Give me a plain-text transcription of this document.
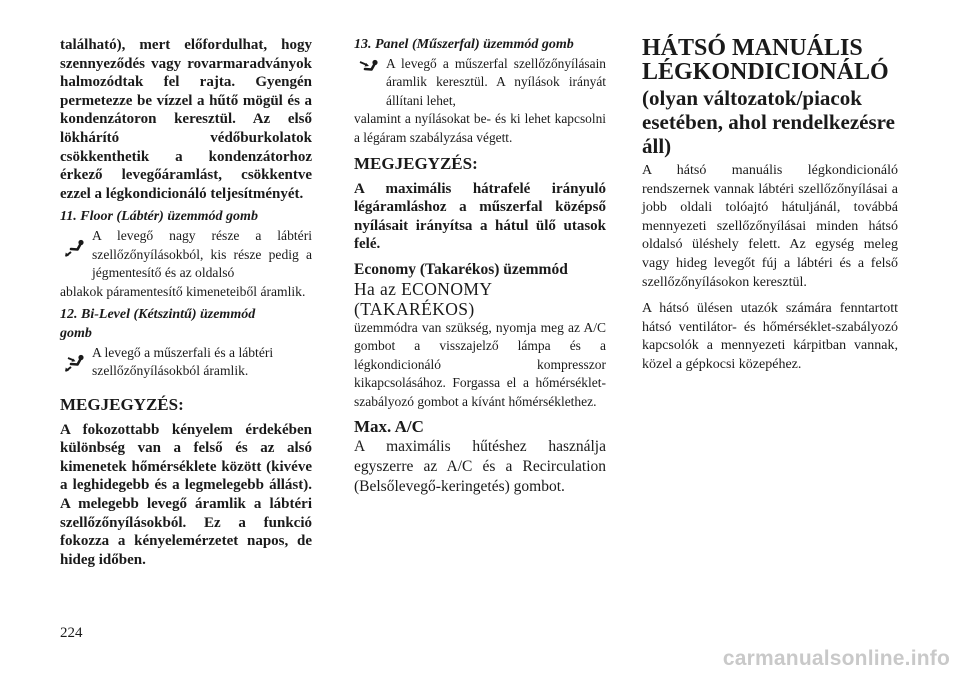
található), mert előfordulhat, hogy szennyeződés vagy rovarmaradványok halmozódtak fel rajta. Gyengén permetezze be vízzel a hűtő mögül és a kondenzátoron keresztül. Az első lökhárító védőburkolatok csökkenthetik a kondenzátorhoz érkező levegőáramlást, csökkentve ezzel a légkondicionáló teljesítményét.

11. Floor (Lábtér) üzemmód gomb

A levegő nagy része a lábtéri szellőzőnyílásokból, kis része pedig a jégmentesítő és az oldalsó

ablakok páramentesítő kimeneteiből áramlik.

12. Bi-Level (Kétszintű) üzemmód gomb

A levegő a műszerfali és a lábtéri szellőzőnyílásokból áramlik.

MEGJEGYZÉS:

A fokozottabb kényelem érdekében különbség van a felső és az alsó kimenetek hőmérséklete között (kivéve a leghidegebb és a legmelegebb állást). A melegebb levegő áramlik a lábtéri szellőzőnyílásokból. Ez a funkció fokozza a kényelemérzetet napos, de hideg időben.

13. Panel (Műszerfal) üzemmód gomb

A levegő a műszerfal szellőzőnyílásain áramlik keresztül. A nyílások irányát állítani lehet,

valamint a nyílásokat be- és ki lehet kapcsolni a légáram szabályzása végett.

MEGJEGYZÉS:

A maximális hátrafelé irányuló légáramláshoz a műszerfal középső nyílásait irányítsa a hátul ülő utasok felé.

Economy (Takarékos) üzemmód

Ha az ECONOMY (TAKARÉKOS)

üzemmódra van szükség, nyomja meg az A/C gombot a visszajelző lámpa és a légkondicionáló kompresszor kikapcsolásához. Forgassa el a hőmérséklet-szabályozó gombot a kívánt hőmérséklethez.

Max. A/C

A maximális hűtéshez használja egyszerre az A/C és a Recirculation (Belsőlevegő-keringetés) gombot.

HÁTSÓ MANUÁLIS LÉGKONDICIONÁLÓ

(olyan változatok/piacok esetében, ahol rendelkezésre áll)

A hátsó manuális légkondicionáló rendszernek vannak lábtéri szellőzőnyílásai a jobb oldali tolóajtó hátuljánál, továbbá mennyezeti szellőzőnyílásai minden hátsó oldalsó üléshely felett. Az egység meleg vagy hideg levegőt fúj a lábtéri és a felső szellőzőnyílásokon keresztül.

A hátsó ülésen utazók számára fenntartott hátsó ventilátor- és hőmérséklet-szabályozó kapcsolók a mennyezeti kárpitban vannak, közel a gépkocsi közepéhez.

224
carmanualsonline.info
